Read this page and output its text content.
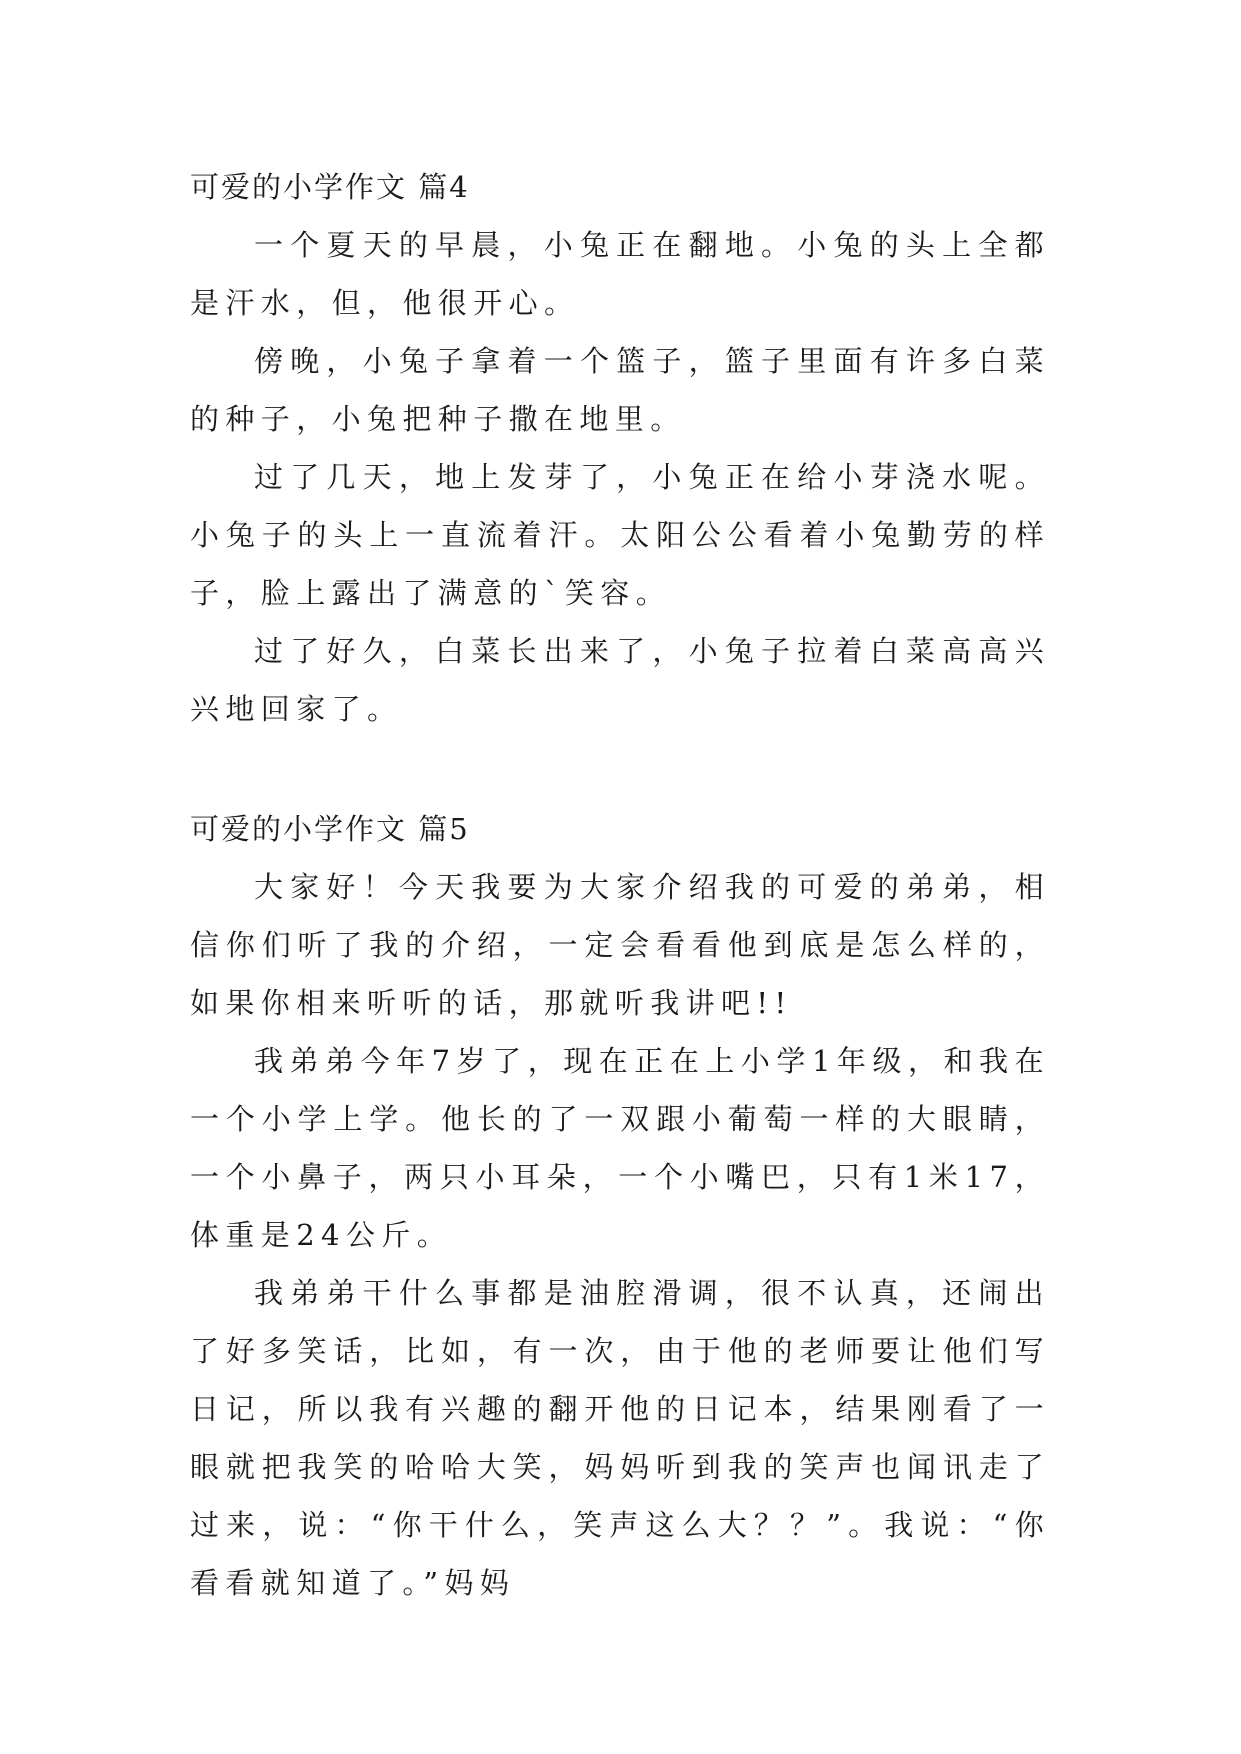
可爱的小学作文 篇4

一个夏天的早晨，小兔正在翻地。小兔的头上全都是汗水，但，他很开心。

傍晚，小兔子拿着一个篮子，篮子里面有许多白菜的种子，小兔把种子撒在地里。

过了几天，地上发芽了，小兔正在给小芽浇水呢。小兔子的头上一直流着汗。太阳公公看着小兔勤劳的样子，脸上露出了满意的`笑容。

过了好久，白菜长出来了，小兔子拉着白菜高高兴兴地回家了。

可爱的小学作文 篇5

大家好！今天我要为大家介绍我的可爱的弟弟，相信你们听了我的介绍，一定会看看他到底是怎么样的，如果你相来听听的话，那就听我讲吧!!

我弟弟今年7岁了，现在正在上小学1年级，和我在一个小学上学。他长的了一双跟小葡萄一样的大眼睛，一个小鼻子，两只小耳朵，一个小嘴巴，只有1米17，体重是24公斤。

我弟弟干什么事都是油腔滑调，很不认真，还闹出了好多笑话，比如，有一次，由于他的老师要让他们写日记，所以我有兴趣的翻开他的日记本，结果刚看了一眼就把我笑的哈哈大笑，妈妈听到我的笑声也闻讯走了过来，说：“你干什么，笑声这么大？？”。我说：“你看看就知道了。”妈妈
